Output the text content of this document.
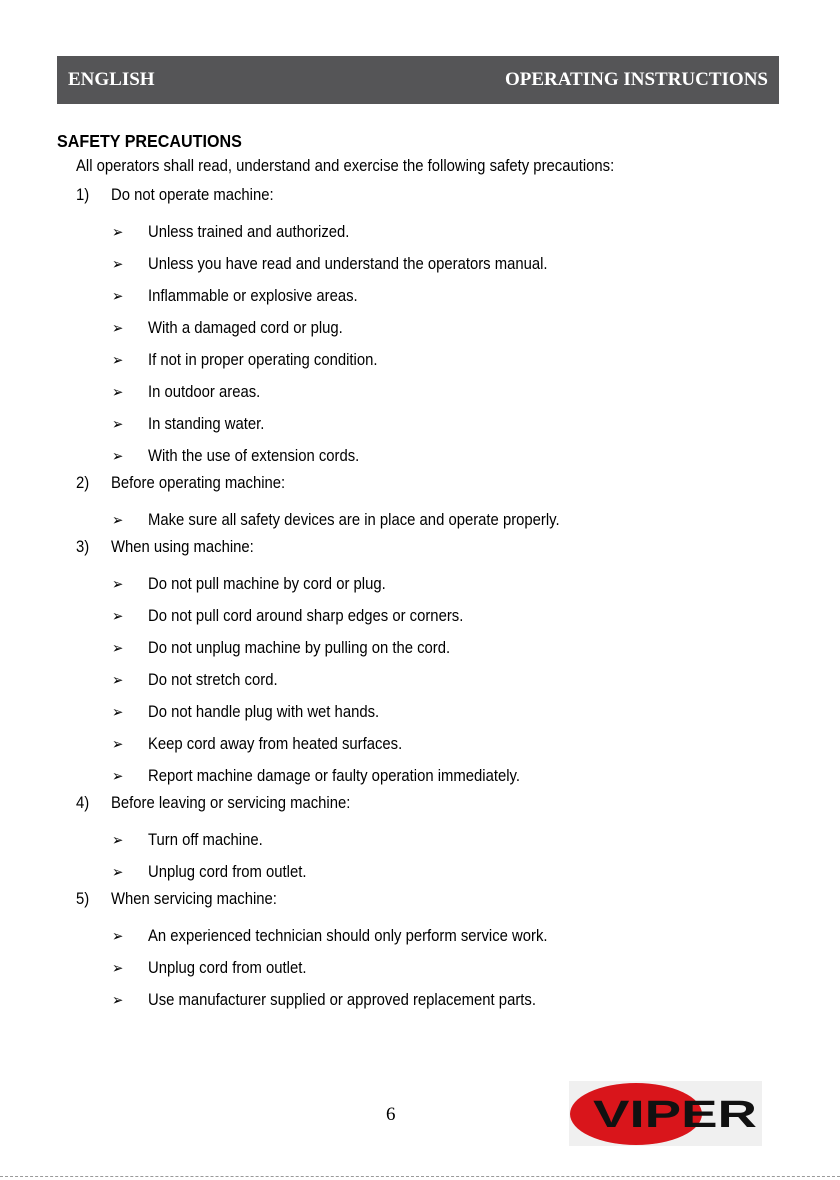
ENGLISH	OPERATING INSTRUCTIONS
SAFETY PRECAUTIONS
All operators shall read, understand and exercise the following safety precautions:
1) Do not operate machine:
➢ Unless trained and authorized.
➢ Unless you have read and understand the operators manual.
➢ Inflammable or explosive areas.
➢ With a damaged cord or plug.
➢ If not in proper operating condition.
➢ In outdoor areas.
➢ In standing water.
➢ With the use of extension cords.
2) Before operating machine:
➢ Make sure all safety devices are in place and operate properly.
3) When using machine:
➢ Do not pull machine by cord or plug.
➢ Do not pull cord around sharp edges or corners.
➢ Do not unplug machine by pulling on the cord.
➢ Do not stretch cord.
➢ Do not handle plug with wet hands.
➢ Keep cord away from heated surfaces.
➢ Report machine damage or faulty operation immediately.
4) Before leaving or servicing machine:
➢ Turn off machine.
➢ Unplug cord from outlet.
5) When servicing machine:
➢ An experienced technician should only perform service work.
➢ Unplug cord from outlet.
➢ Use manufacturer supplied or approved replacement parts.
6	VIPER
